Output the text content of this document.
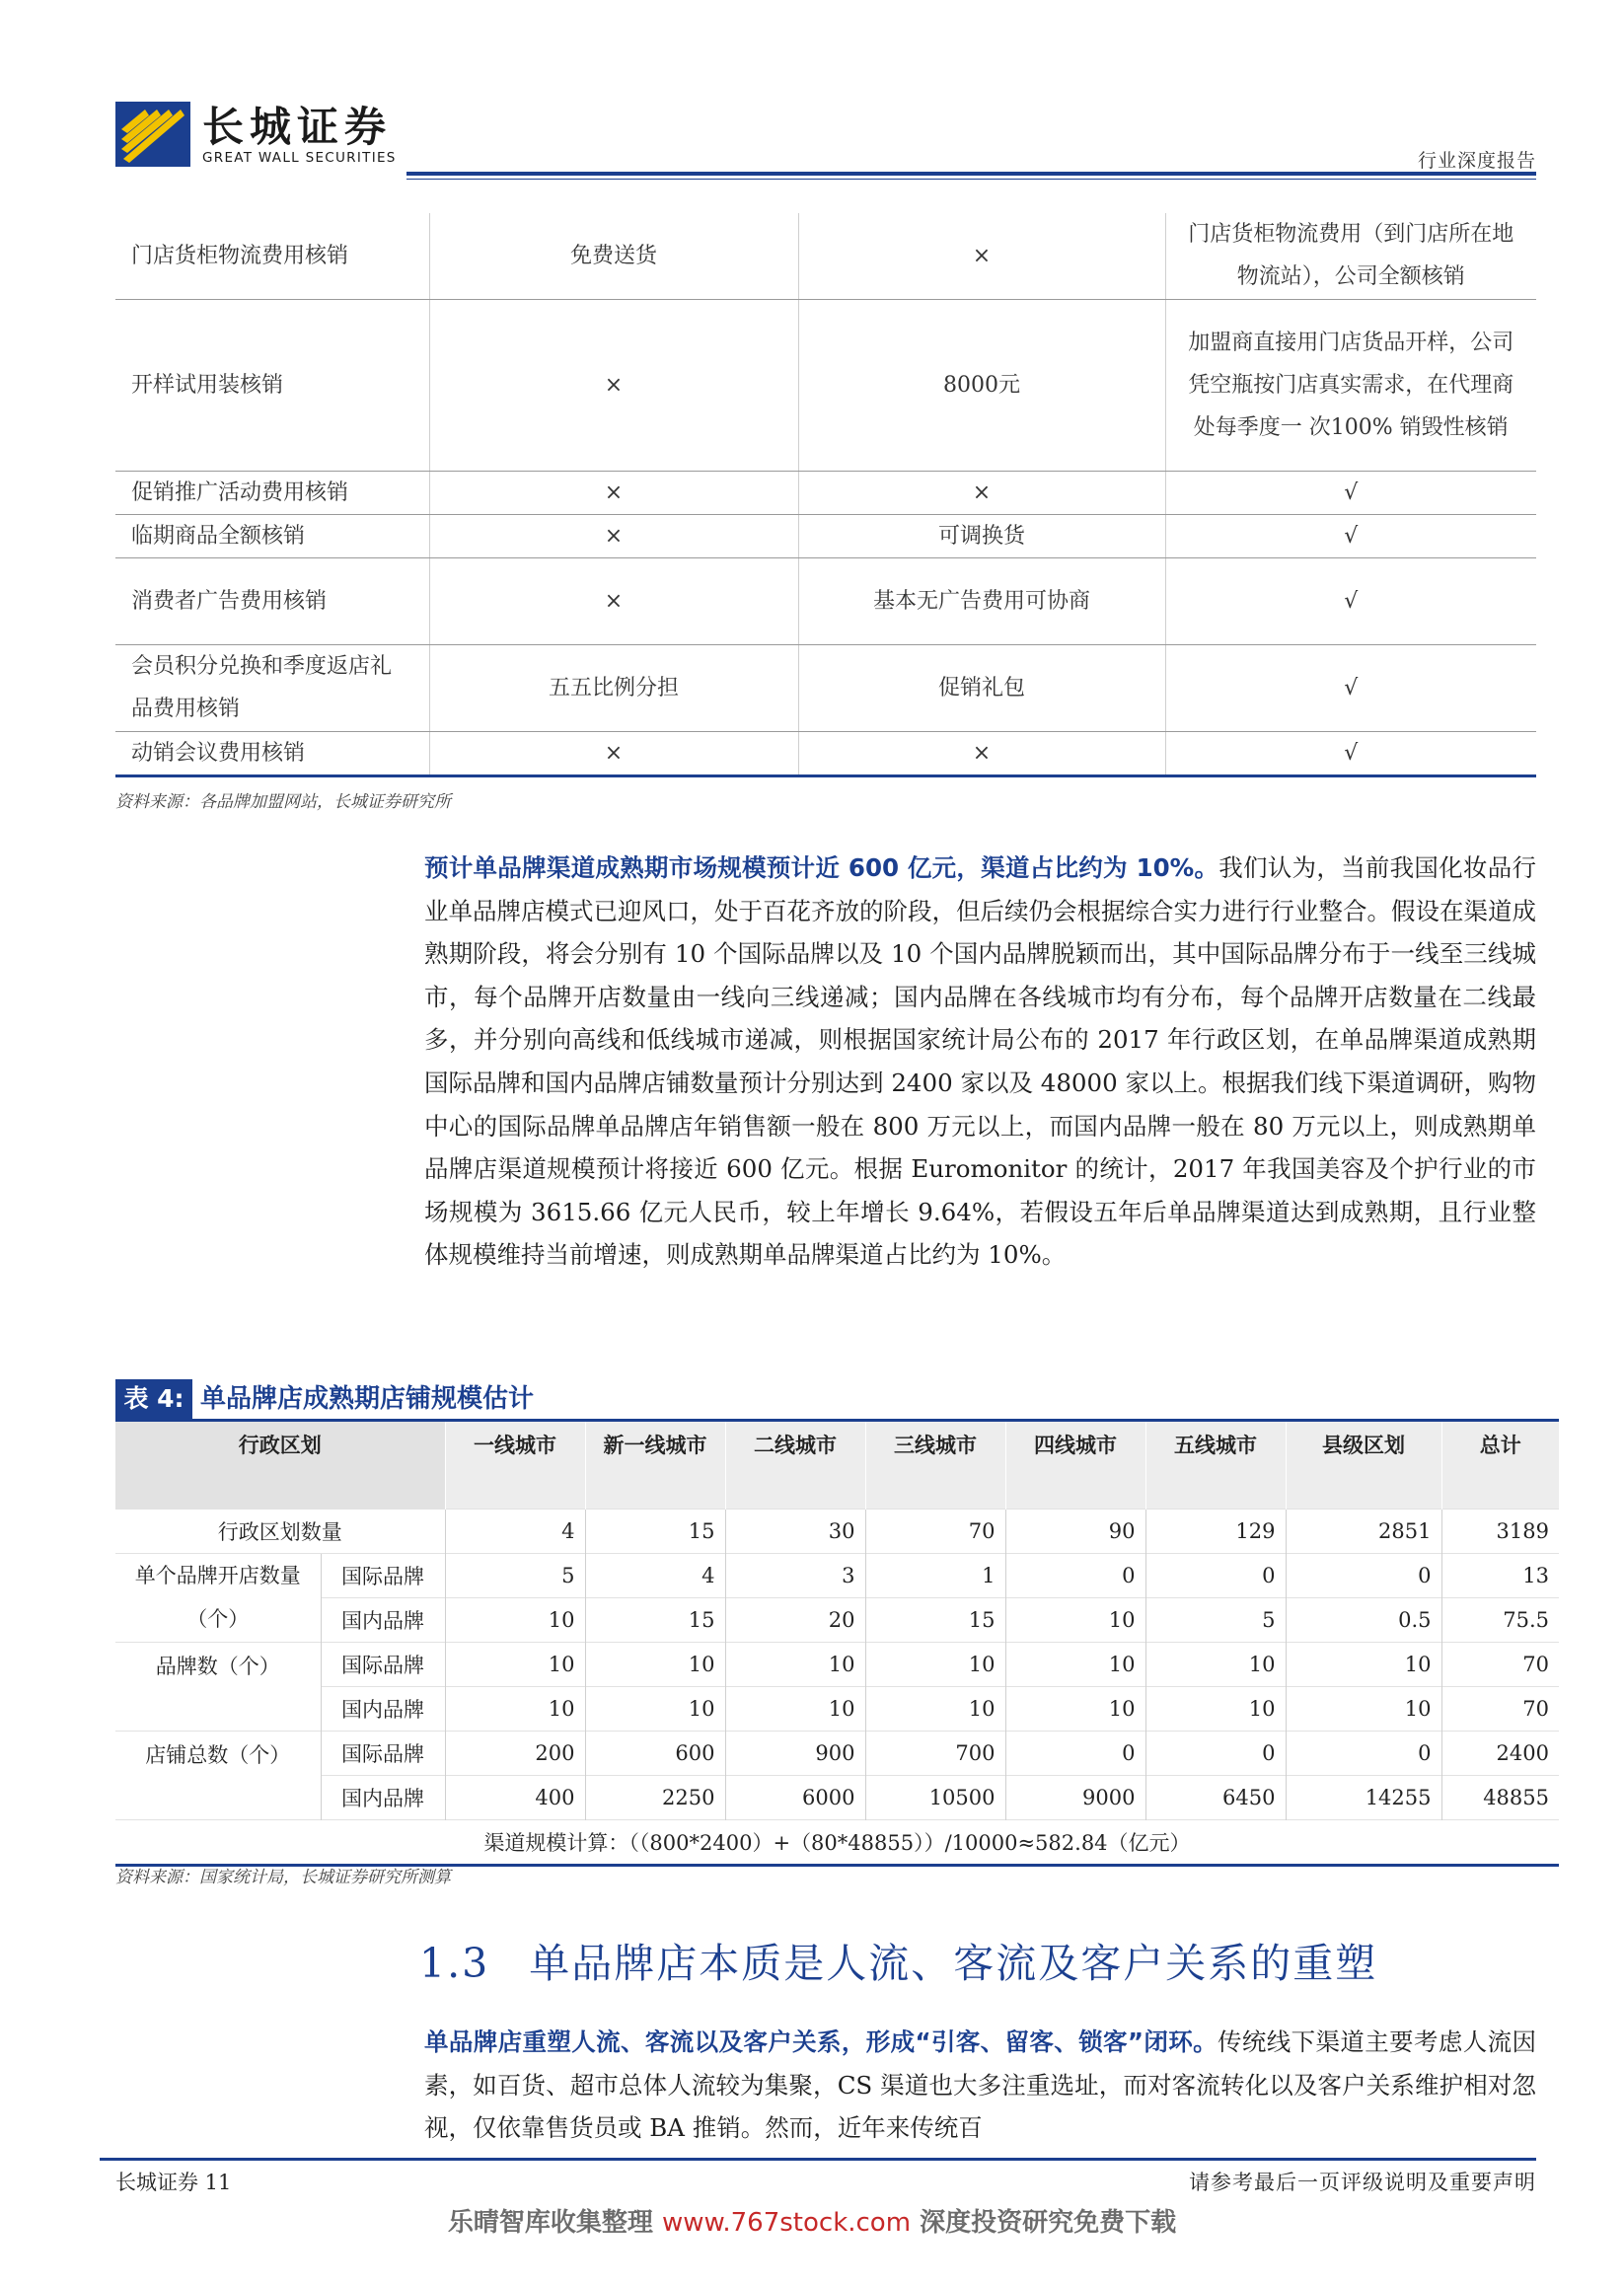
长城证券
GREAT WALL SECURITIES	行业深度报告
门店货柜物流费用核销	免费送货	×	门店货柜物流费用（到门店所在地物流站），公司全额核销
开样试用装核销	×	8000元	加盟商直接用门店货品开样，公司凭空瓶按门店真实需求，在代理商处每季度一 次100% 销毁性核销
促销推广活动费用核销	×	×	√
临期商品全额核销	×	可调换货	√
消费者广告费用核销	×	基本无广告费用可协商	√
会员积分兑换和季度返店礼品费用核销	五五比例分担	促销礼包	√
动销会议费用核销	×	×	√
资料来源：各品牌加盟网站，长城证券研究所
预计单品牌渠道成熟期市场规模预计近 600 亿元，渠道占比约为 10%。我们认为，当前我国化妆品行业单品牌店模式已迎风口，处于百花齐放的阶段，但后续仍会根据综合实力进行行业整合。假设在渠道成熟期阶段，将会分别有 10 个国际品牌以及 10 个国内品牌脱颖而出，其中国际品牌分布于一线至三线城市，每个品牌开店数量由一线向三线递减；国内品牌在各线城市均有分布，每个品牌开店数量在二线最多，并分别向高线和低线城市递减，则根据国家统计局公布的 2017 年行政区划，在单品牌渠道成熟期国际品牌和国内品牌店铺数量预计分别达到 2400 家以及 48000 家以上。根据我们线下渠道调研，购物中心的国际品牌单品牌店年销售额一般在 800 万元以上，而国内品牌一般在 80 万元以上，则成熟期单品牌店渠道规模预计将接近 600 亿元。根据 Euromonitor 的统计，2017 年我国美容及个护行业的市场规模为 3615.66 亿元人民币，较上年增长 9.64%，若假设五年后单品牌渠道达到成熟期，且行业整体规模维持当前增速，则成熟期单品牌渠道占比约为 10%。
表 4: 单品牌店成熟期店铺规模估计
行政区划		一线城市	新一线城市	二线城市	三线城市	四线城市	五线城市	县级区划	总计
行政区划数量		4	15	30	70	90	129	2851	3189
单个品牌开店数量（个）	国际品牌	5	4	3	1	0	0	0	13
	国内品牌	10	15	20	15	10	5	0.5	75.5
品牌数（个）	国际品牌	10	10	10	10	10	10	10	70
	国内品牌	10	10	10	10	10	10	10	70
店铺总数（个）	国际品牌	200	600	900	700	0	0	0	2400
	国内品牌	400	2250	6000	10500	9000	6450	14255	48855
渠道规模计算：（（800*2400）+（80*48855））/10000≈582.84（亿元）									
资料来源：国家统计局，长城证券研究所测算
1.3 单品牌店本质是人流、客流及客户关系的重塑
单品牌店重塑人流、客流以及客户关系，形成“引客、留客、锁客”闭环。传统线下渠道主要考虑人流因素，如百货、超市总体人流较为集聚，CS 渠道也大多注重选址，而对客流转化以及客户关系维护相对忽视，仅依靠售货员或 BA 推销。然而，近年来传统百
长城证券 11	请参考最后一页评级说明及重要声明
乐晴智库收集整理 www.767stock.com 深度投资研究免费下载
